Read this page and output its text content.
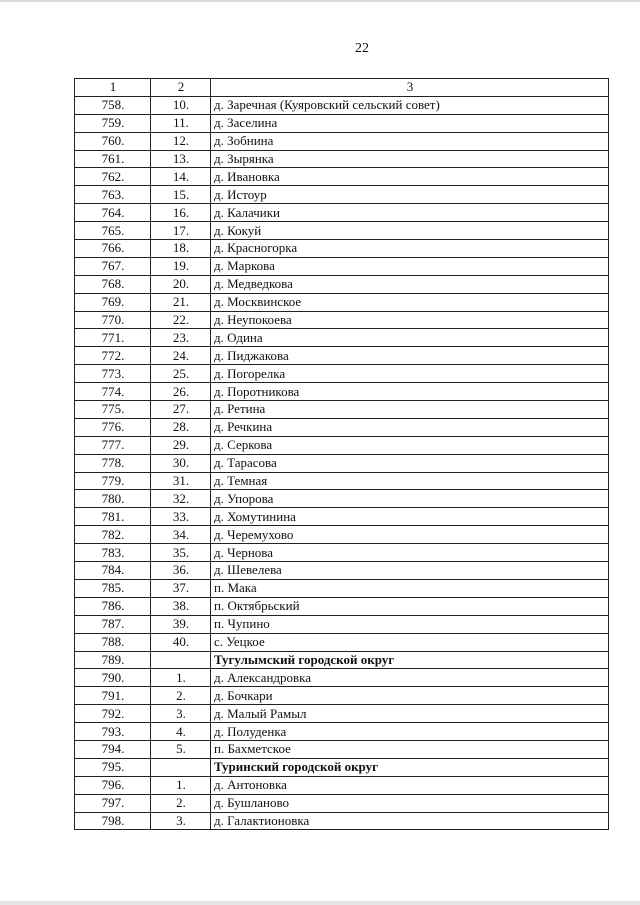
22
1	2	3
758.	10.	д. Заречная (Куяровский сельский совет)
759.	11.	д. Заселина
760.	12.	д. Зобнина
761.	13.	д. Зырянка
762.	14.	д. Ивановка
763.	15.	д. Истоур
764.	16.	д. Калачики
765.	17.	д. Кокуй
766.	18.	д. Красногорка
767.	19.	д. Маркова
768.	20.	д. Медведкова
769.	21.	д. Москвинское
770.	22.	д. Неупокоева
771.	23.	д. Одина
772.	24.	д. Пиджакова
773.	25.	д. Погорелка
774.	26.	д. Поротникова
775.	27.	д. Ретина
776.	28.	д. Речкина
777.	29.	д. Серкова
778.	30.	д. Тарасова
779.	31.	д. Темная
780.	32.	д. Упорова
781.	33.	д. Хомутинина
782.	34.	д. Черемухово
783.	35.	д. Чернова
784.	36.	д. Шевелева
785.	37.	п. Мака
786.	38.	п. Октябрьский
787.	39.	п. Чупино
788.	40.	с. Уецкое
789.		Тугулымский городской округ
790.	1.	д. Александровка
791.	2.	д. Бочкари
792.	3.	д. Малый Рамыл
793.	4.	д. Полуденка
794.	5.	п. Бахметское
795.		Туринский городской округ
796.	1.	д. Антоновка
797.	2.	д. Бушланово
798.	3.	д. Галактионовка
